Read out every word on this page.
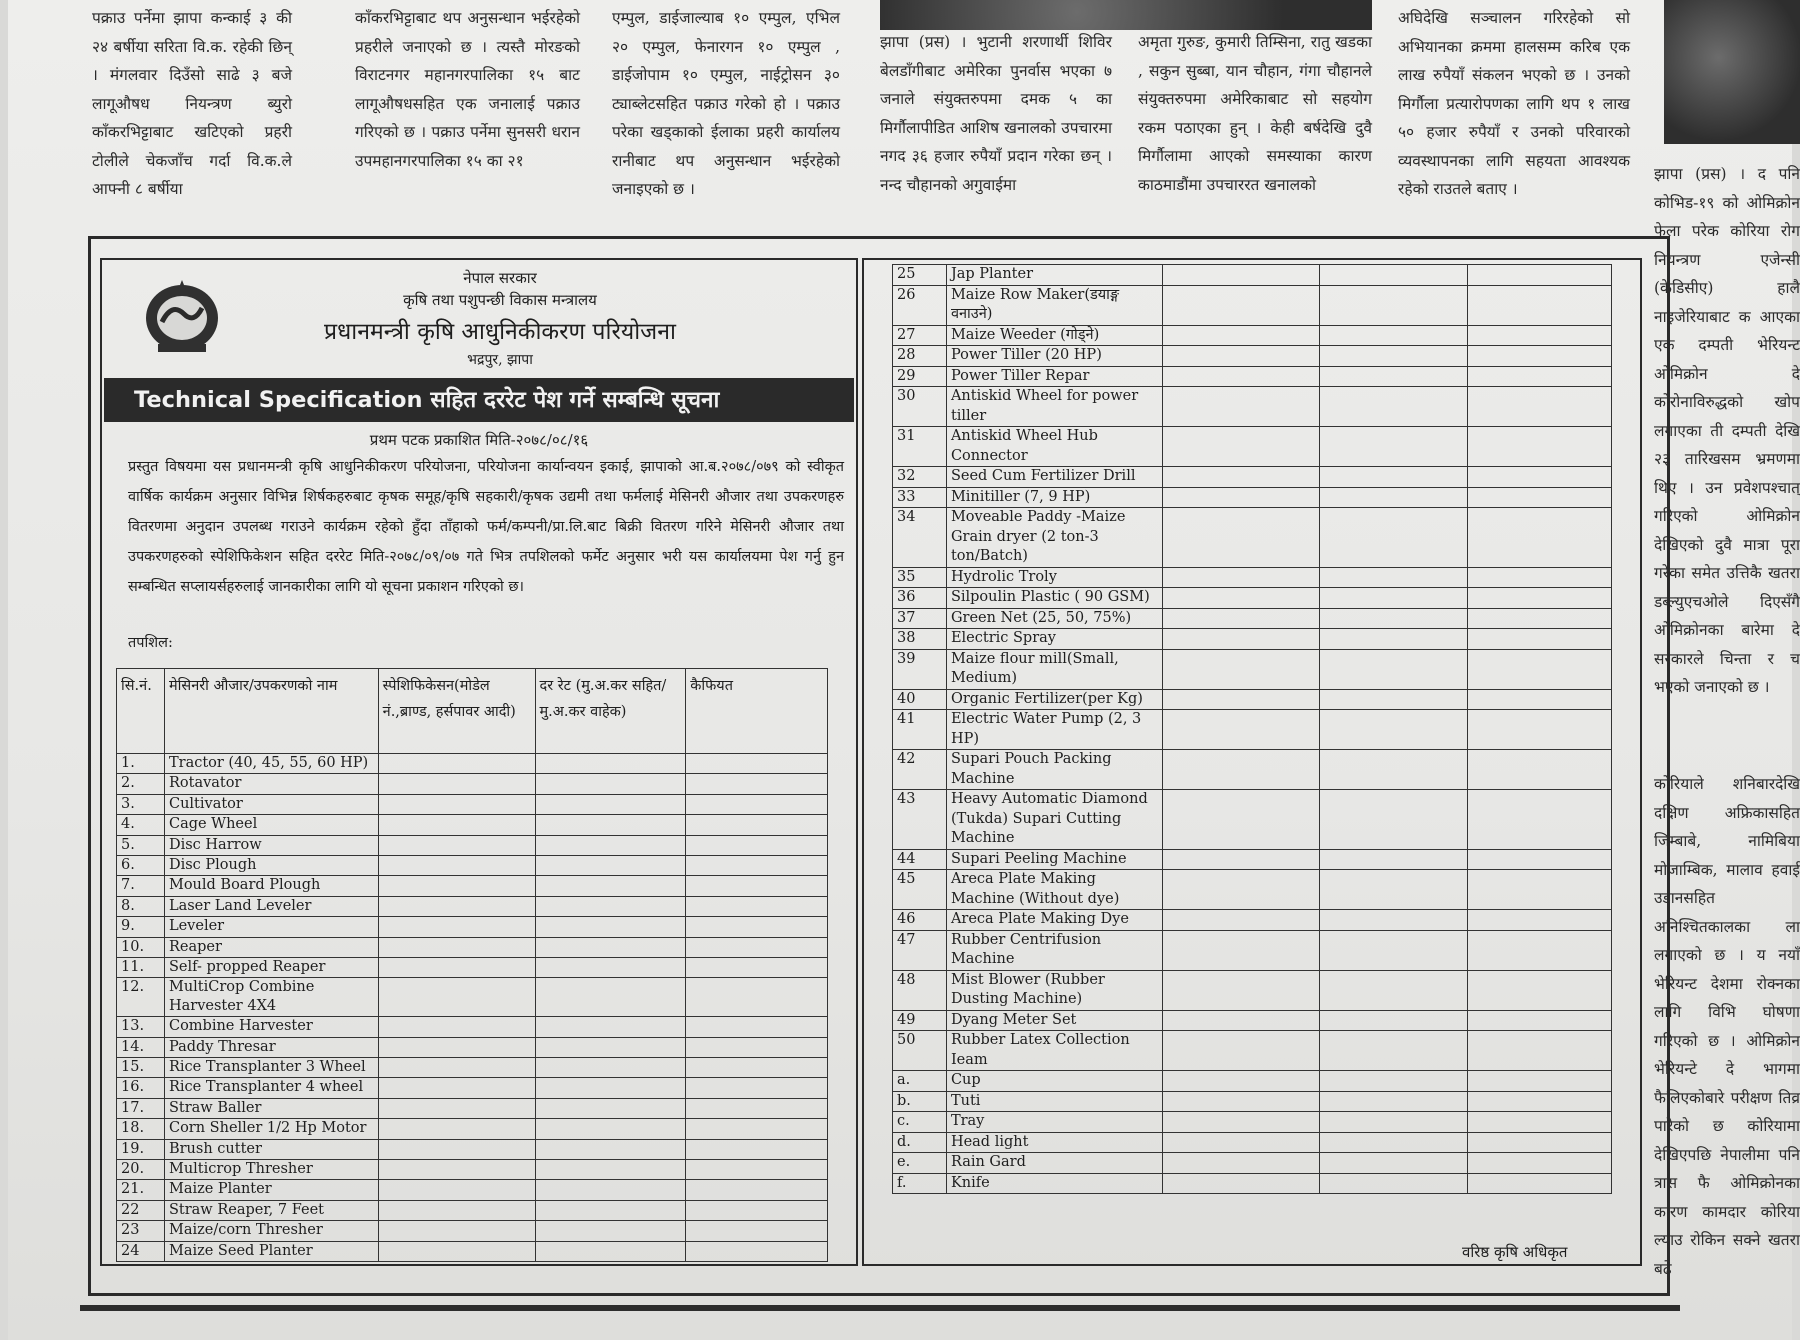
पक्राउ पर्नेमा झापा कन्काई ३ की २४ बर्षीया सरिता वि.क. रहेकी छिन् । मंगलवार दिउँसो साढे ३ बजे लागूऔषध नियन्त्रण ब्युरो काँकरभिट्टाबाट खटिएको प्रहरी टोलीले चेकजाँच गर्दा वि.क.ले आफ्नी ८ बर्षीया

काँकरभिट्टाबाट थप अनुसन्धान भईरहेको प्रहरीले जनाएको छ । त्यस्तै मोरङको विराटनगर महानगरपालिका १५ बाट लागूऔषधसहित एक जनालाई पक्राउ गरिएको छ । पक्राउ पर्नेमा सुनसरी धरान उपमहानगरपालिका १५ का २१

एम्पुल, डाईजाल्याब १० एम्पुल, एभिल २० एम्पुल, फेनारगन १० एम्पुल , डाईजोपाम १० एम्पुल, नाईट्रोसन ३० ट्याब्लेटसहित पक्राउ गरेको हो । पक्राउ परेका खड्काको ईलाका प्रहरी कार्यालय रानीबाट थप अनुसन्धान भईरहेको जनाइएको छ ।

झापा (प्रस) । भुटानी शरणार्थी शिविर बेलडाँगीबाट अमेरिका पुनर्वास भएका ७ जनाले संयुक्तरुपमा दमक ५ का मिर्गौलापीडित आशिष खनालको उपचारमा नगद ३६ हजार रुपैयाँ प्रदान गरेका छन् । नन्द चौहानको अगुवाईमा

अमृता गुरुङ, कुमारी तिम्सिना, रातु खडका , सकुन सुब्बा, यान चौहान, गंगा चौहानले संयुक्तरुपमा अमेरिकाबाट सो सहयोग रकम पठाएका हुन् । केही बर्षदेखि दुवै मिर्गौलामा आएको समस्याका कारण काठमाडौंमा उपचाररत खनालको

अघिदेखि सञ्चालन गरिरहेको सो अभियानका क्रममा हालसम्म करिब एक लाख रुपैयाँ संकलन भएको छ । उनको मिर्गौला प्रत्यारोपणका लागि थप १ लाख ५० हजार रुपैयाँ र उनको परिवारको व्यवस्थापनका लागि सहयता आवश्यक रहेको राउतले बताए ।

झापा (प्रस) । द पनि कोभिड-१९ को ओमिक्रोन फेला परेक कोरिया रोग नियन्त्रण एजेन्सी (केडिसीए) हालै नाइजेरियाबाट क आएका एक दम्पती भेरियन्ट ओमिक्रोन दे कोरोनाविरुद्धको खोप लगाएका ती दम्पती देखि २३ तारिखसम भ्रमणमा थिए । उन प्रवेशपश्चात् गरिएको ओमिक्रोन देखिएको दुवै मात्रा पूरा गरेका समेत उत्तिकै खतरा डब्ल्युएचओले दिएसँगै ओमिक्रोनका बारेमा दे सरकारले चिन्ता र च भएको जनाएको छ ।

कोरियाले शनिबारदेखि दक्षिण अफ्रिकासहित जिम्बाबे, नामिबिया मोजाम्बिक, मालाव हवाई उडानसहित अनिश्चितकालका ला लगाएको छ । य नयाँ भेरियन्ट देशमा रोक्नका लागि विभि घोषणा गरिएको छ । ओमिक्रोन भेरियन्टे दे भागमा फैलिएकोबारे परीक्षण तिव्र पारेको छ कोरियामा देखिएपछि नेपालीमा पनि त्रास फै ओमिक्रोनका कारण कामदार कोरिया ल्याउ रोकिन सक्ने खतरा बढे

नेपाल सरकार
कृषि तथा पशुपन्छी विकास मन्त्रालय
प्रधानमन्त्री कृषि आधुनिकीकरण परियोजना
भद्रपुर, झापा
Technical Specification सहित दररेट पेश गर्ने सम्बन्धि सूचना
प्रथम पटक प्रकाशित मिति-२०७८/०८/१६
प्रस्तुत विषयमा यस प्रधानमन्त्री कृषि आधुनिकीकरण परियोजना, परियोजना कार्यान्वयन इकाई, झापाको आ.ब.२०७८/०७९ को स्वीकृत वार्षिक कार्यक्रम अनुसार विभिन्न शिर्षकहरुबाट कृषक समूह/कृषि सहकारी/कृषक उद्यमी तथा फर्मलाई मेसिनरी औजार तथा उपकरणहरु वितरणमा अनुदान उपलब्ध गराउने कार्यक्रम रहेको हुँदा ताँहाको फर्म/कम्पनी/प्रा.लि.बाट बिक्री वितरण गरिने मेसिनरी औजार तथा उपकरणहरुको स्पेशिफिकेशन सहित दररेट मिति-२०७८/०९/०७ गते भित्र तपशिलको फर्मेट अनुसार भरी यस कार्यालयमा पेश गर्नु हुन सम्बन्धित सप्लायर्सहरुलाई जानकारीका लागि यो सूचना प्रकाशन गरिएको छ।
तपशिल:
सि.नं.	मेसिनरी औजार/उपकरणको नाम	स्पेशिफिकेसन(मोडेल नं.,ब्राण्ड, हर्सपावर आदी)	दर रेट (मु.अ.कर सहित/मु.अ.कर वाहेक)	कैफियत
1.	Tractor (40, 45, 55, 60 HP)			
2.	Rotavator			
3.	Cultivator			
4.	Cage Wheel			
5.	Disc Harrow			
6.	Disc Plough			
7.	Mould Board Plough			
8.	Laser Land Leveler			
9.	Leveler			
10.	Reaper			
11.	Self- propped Reaper			
12.	MultiCrop Combine Harvester 4X4			
13.	Combine Harvester			
14.	Paddy Thresar			
15.	Rice Transplanter 3 Wheel			
16.	Rice Transplanter 4 wheel			
17.	Straw Baller			
18.	Corn Sheller 1/2 Hp Motor			
19.	Brush cutter			
20.	Multicrop Thresher			
21.	Maize Planter			
22	Straw Reaper, 7 Feet			
23	Maize/corn Thresher			
24	Maize Seed Planter			
25	Jap Planter			
26	Maize Row Maker(डयाङ्ग वनाउने)			
27	Maize Weeder (गोड्ने)			
28	Power Tiller (20 HP)			
29	Power Tiller Repar			
30	Antiskid Wheel for power tiller			
31	Antiskid Wheel Hub Connector			
32	Seed Cum Fertilizer Drill			
33	Minitiller (7, 9 HP)			
34	Moveable Paddy -Maize Grain dryer (2 ton-3 ton/Batch)			
35	Hydrolic Troly			
36	Silpoulin Plastic ( 90 GSM)			
37	Green Net (25, 50, 75%)			
38	Electric Spray			
39	Maize flour mill(Small, Medium)			
40	Organic Fertilizer(per Kg)			
41	Electric Water Pump (2, 3 HP)			
42	Supari Pouch Packing Machine			
43	Heavy Automatic Diamond (Tukda) Supari Cutting Machine			
44	Supari Peeling Machine			
45	Areca Plate Making Machine (Without dye)			
46	Areca Plate Making Dye			
47	Rubber Centrifusion Machine			
48	Mist Blower (Rubber Dusting Machine)			
49	Dyang Meter Set			
50	Rubber Latex Collection Ieam			
a.	Cup			
b.	Tuti			
c.	Tray			
d.	Head light			
e.	Rain Gard			
f.	Knife			
वरिष्ठ कृषि अधिकृत
